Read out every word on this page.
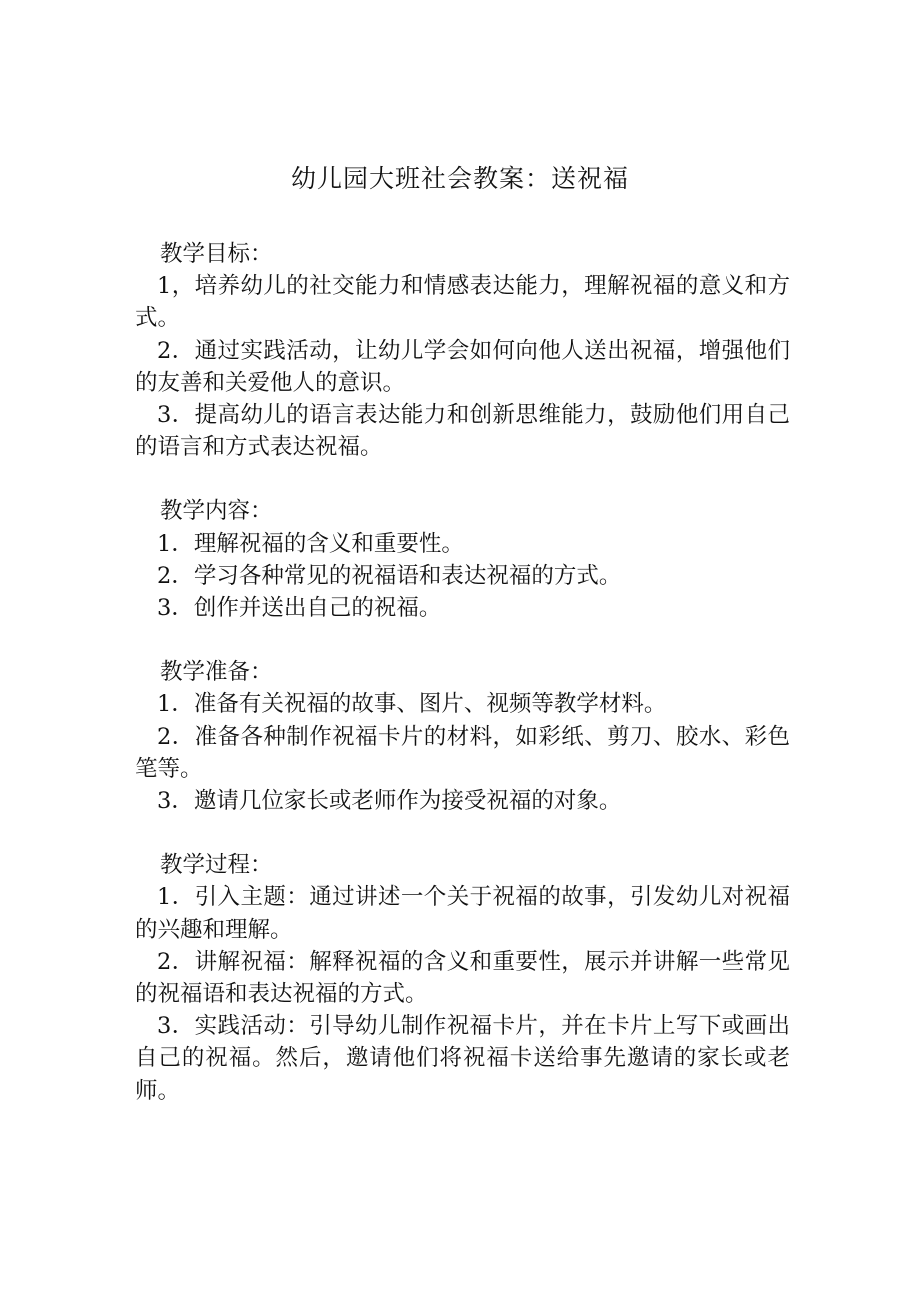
幼儿园大班社会教案：送祝福

教学目标：

1，培养幼儿的社交能力和情感表达能力，理解祝福的意义和方式。

2．通过实践活动，让幼儿学会如何向他人送出祝福，增强他们的友善和关爱他人的意识。

3．提高幼儿的语言表达能力和创新思维能力，鼓励他们用自己的语言和方式表达祝福。

教学内容：

1．理解祝福的含义和重要性。

2．学习各种常见的祝福语和表达祝福的方式。

3．创作并送出自己的祝福。

教学准备：

1．准备有关祝福的故事、图片、视频等教学材料。

2．准备各种制作祝福卡片的材料，如彩纸、剪刀、胶水、彩色笔等。

3．邀请几位家长或老师作为接受祝福的对象。

教学过程：

1．引入主题：通过讲述一个关于祝福的故事，引发幼儿对祝福的兴趣和理解。

2．讲解祝福：解释祝福的含义和重要性，展示并讲解一些常见的祝福语和表达祝福的方式。

3．实践活动：引导幼儿制作祝福卡片，并在卡片上写下或画出自己的祝福。然后，邀请他们将祝福卡送给事先邀请的家长或老师。
